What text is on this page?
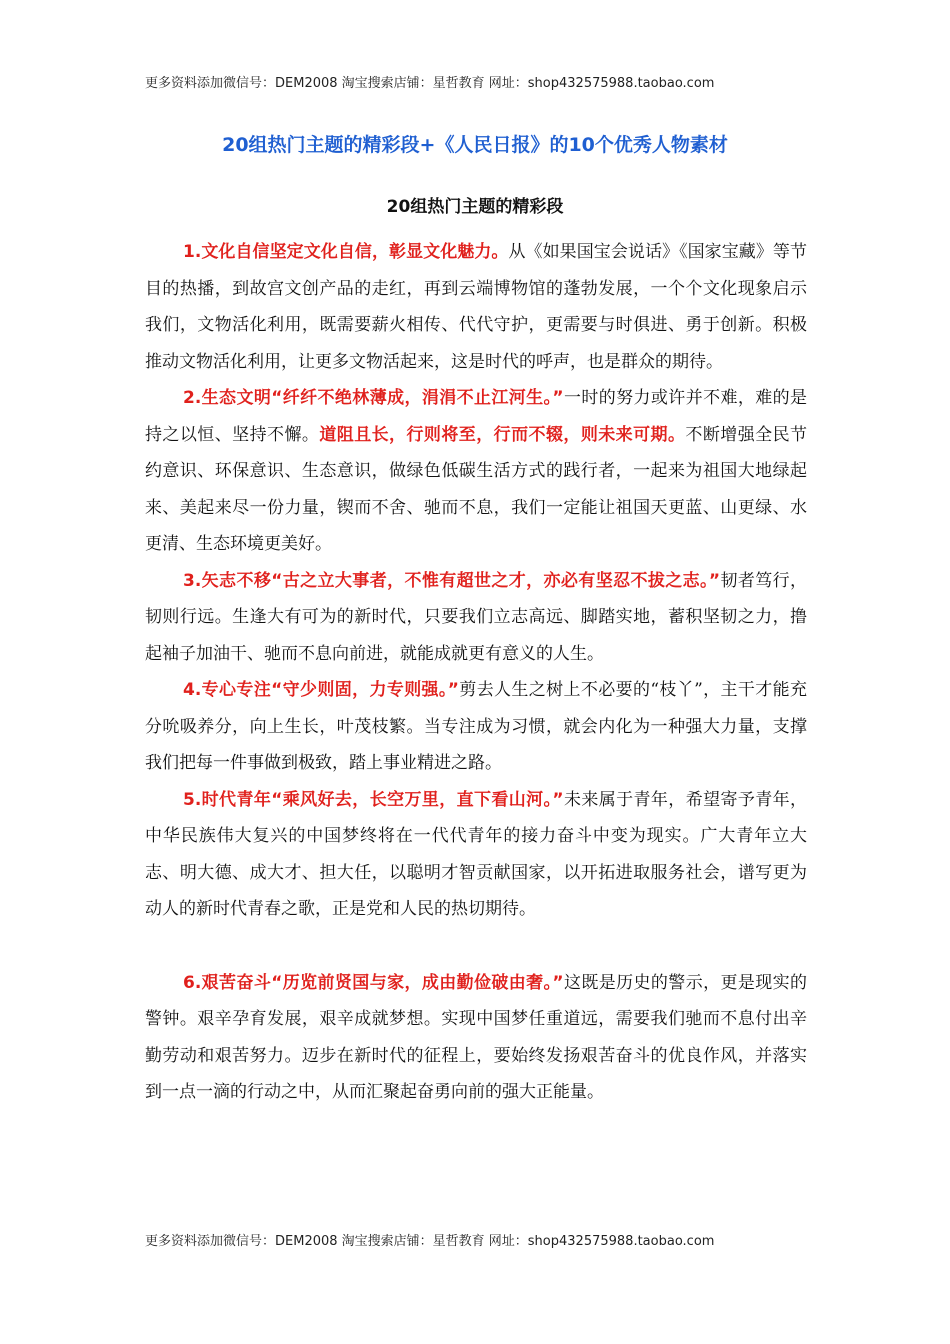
更多资料添加微信号：DEM2008 淘宝搜索店铺：星哲教育 网址：shop432575988.taobao.com
20组热门主题的精彩段+《人民日报》的10个优秀人物素材
20组热门主题的精彩段

1.文化自信坚定文化自信，彰显文化魅力。从《如果国宝会说话》《国家宝藏》等节目的热播，到故宫文创产品的走红，再到云端博物馆的蓬勃发展，一个个文化现象启示我们，文物活化利用，既需要薪火相传、代代守护，更需要与时俱进、勇于创新。积极推动文物活化利用，让更多文物活起来，这是时代的呼声，也是群众的期待。

2.生态文明“纤纤不绝林薄成，涓涓不止江河生。”一时的努力或许并不难，难的是持之以恒、坚持不懈。道阻且长，行则将至，行而不辍，则未来可期。不断增强全民节约意识、环保意识、生态意识，做绿色低碳生活方式的践行者，一起来为祖国大地绿起来、美起来尽一份力量，锲而不舍、驰而不息，我们一定能让祖国天更蓝、山更绿、水更清、生态环境更美好。

3.矢志不移“古之立大事者，不惟有超世之才，亦必有坚忍不拔之志。”韧者笃行，韧则行远。生逢大有可为的新时代，只要我们立志高远、脚踏实地，蓄积坚韧之力，撸起袖子加油干、驰而不息向前进，就能成就更有意义的人生。

4.专心专注“守少则固，力专则强。”剪去人生之树上不必要的“枝丫”，主干才能充分吮吸养分，向上生长，叶茂枝繁。当专注成为习惯，就会内化为一种强大力量，支撑我们把每一件事做到极致，踏上事业精进之路。

5.时代青年“乘风好去，长空万里，直下看山河。”未来属于青年，希望寄予青年，中华民族伟大复兴的中国梦终将在一代代青年的接力奋斗中变为现实。广大青年立大志、明大德、成大才、担大任，以聪明才智贡献国家，以开拓进取服务社会，谱写更为动人的新时代青春之歌，正是党和人民的热切期待。

6.艰苦奋斗“历览前贤国与家，成由勤俭破由奢。”这既是历史的警示，更是现实的警钟。艰辛孕育发展，艰辛成就梦想。实现中国梦任重道远，需要我们驰而不息付出辛勤劳动和艰苦努力。迈步在新时代的征程上，要始终发扬艰苦奋斗的优良作风，并落实到一点一滴的行动之中，从而汇聚起奋勇向前的强大正能量。

更多资料添加微信号：DEM2008 淘宝搜索店铺：星哲教育 网址：shop432575988.taobao.com
